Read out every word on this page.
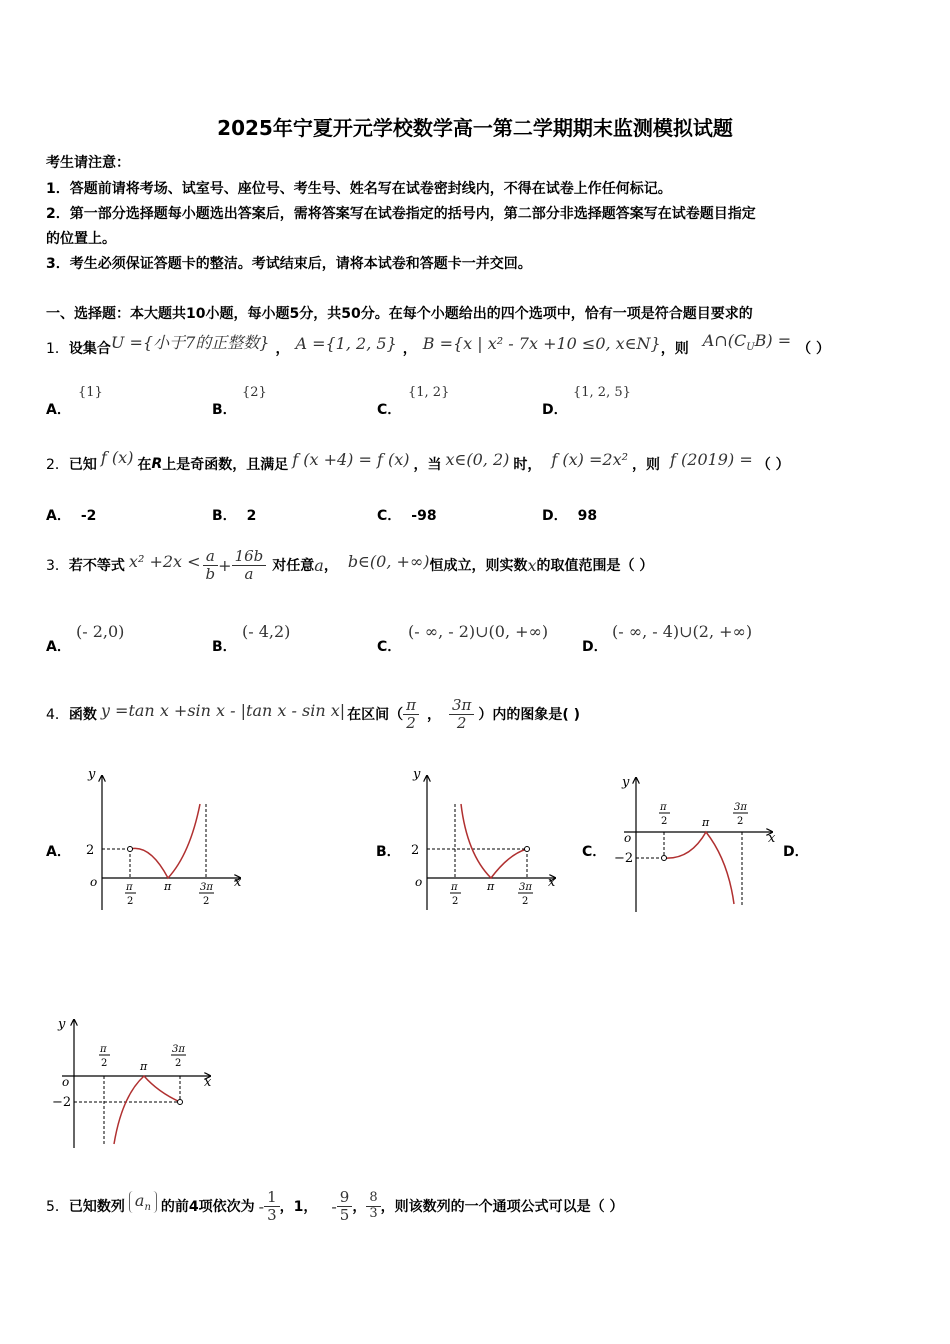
2025年宁夏开元学校数学高一第二学期期末监测模拟试题
考生请注意：
1．答题前请将考场、试室号、座位号、考生号、姓名写在试卷密封线内，不得在试卷上作任何标记。
2．第一部分选择题每小题选出答案后，需将答案写在试卷指定的括号内，第二部分非选择题答案写在试卷题目指定
的位置上。
3．考生必须保证答题卡的整洁。考试结束后，请将本试卷和答题卡一并交回。
一、选择题：本大题共10小题，每小题5分，共50分。在每个小题给出的四个选项中，恰有一项是符合题目要求的
1． 设集合 U ={小于7的正整数} ， A ={1, 2, 5} ， B ={x | x² - 7x +10 ≤0, x∈N} ，则 $A\cap(C_UB)$ = （ ）
A．
{1}
B．
{2}
C．
{1, 2}
D．
{1, 2, 5}
2． 已知 f (x) 在 R 上是奇函数，且满足 f (x +4) = f (x) ，当 x∈(0, 2) 时， f (x) =2x² ，则 f (2019) = （ ）
A． -2	B． 2	C． -98	D． 98
3． 若不等式 $x^2 +2x < \frac{a}{b} + \frac{16b}{a}$ 对任意 a ， b∈(0, +∞) 恒成立，则实数 x 的取值范围是（ ）
A．
(- 2,0)
B．
(- 4,2)
C．
(- ∞, - 2)∪(0, +∞)
D．
(- ∞, - 4)∪(2, +∞)
4． 函数 y =tan x +sin x - |tan x - sin x| 在区间（ $\frac{\pi}{2}$ ， $\frac{3\pi}{2}$ ）内的图象是( )
A．	B．	C．	D．
y
x
o
2
π
2
π	3π
2
y
x
o
2
π
2
π 3π
2
y
x
o
−2
π
2	π
3π
2
y
x
o
−2
π
2	π
3π
2
5． 已知数列 $a_n$ 的前4项依次为 - $\frac{1}{3}$ ，1， - $\frac{9}{5}$ ， $\frac{8}{3}$ ，则该数列的一个通项公式可以是（ ）
